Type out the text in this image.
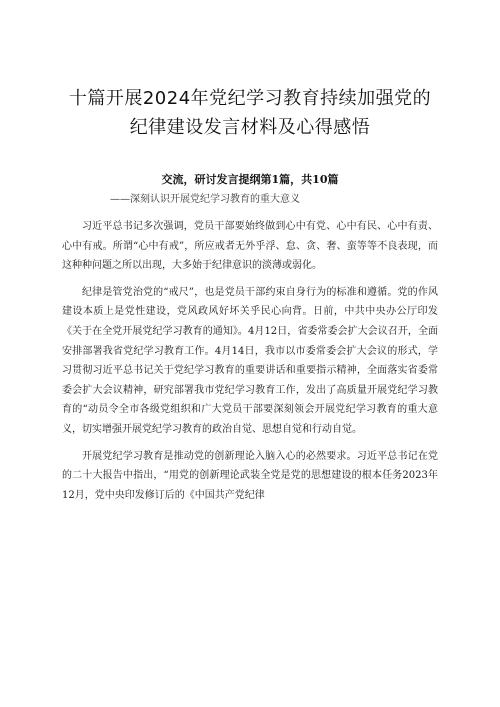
十篇开展2024年党纪学习教育持续加强党的
纪律建设发言材料及心得感悟

交流，研讨发言提纲第1篇，共10篇

——深刻认识开展党纪学习教育的重大意义

习近平总书记多次强调，党员干部要始终做到心中有党、心中有民、心中有责、心中有戒。所谓“心中有戒”，所应戒者无外乎浮、怠、贪、奢、蛮等等不良表现，而这种种问题之所以出现，大多始于纪律意识的淡薄或弱化。

纪律是管党治党的“戒尺”，也是党员干部约束自身行为的标准和遵循。党的作风建设本质上是党性建设，党风政风好坏关乎民心向背。日前，中共中央办公厅印发《关于在全党开展党纪学习教育的通知》。4月12日，省委常委会扩大会议召开，全面安排部署我省党纪学习教育工作。4月14日，我市以市委常委会扩大会议的形式，学习贯彻习近平总书记关于党纪学习教育的重要讲话和重要指示精神，全面落实省委常委会扩大会议精神，研究部署我市党纪学习教育工作，发出了高质量开展党纪学习教育的“动员令全市各级党组织和广大党员干部要深刻领会开展党纪学习教育的重大意义，切实增强开展党纪学习教育的政治自觉、思想自觉和行动自觉。

开展党纪学习教育是推动党的创新理论入脑入心的必然要求。习近平总书记在党的二十大报告中指出，“用党的创新理论武装全党是党的思想建设的根本任务2023年12月，党中央印发修订后的《中国共产党纪律
